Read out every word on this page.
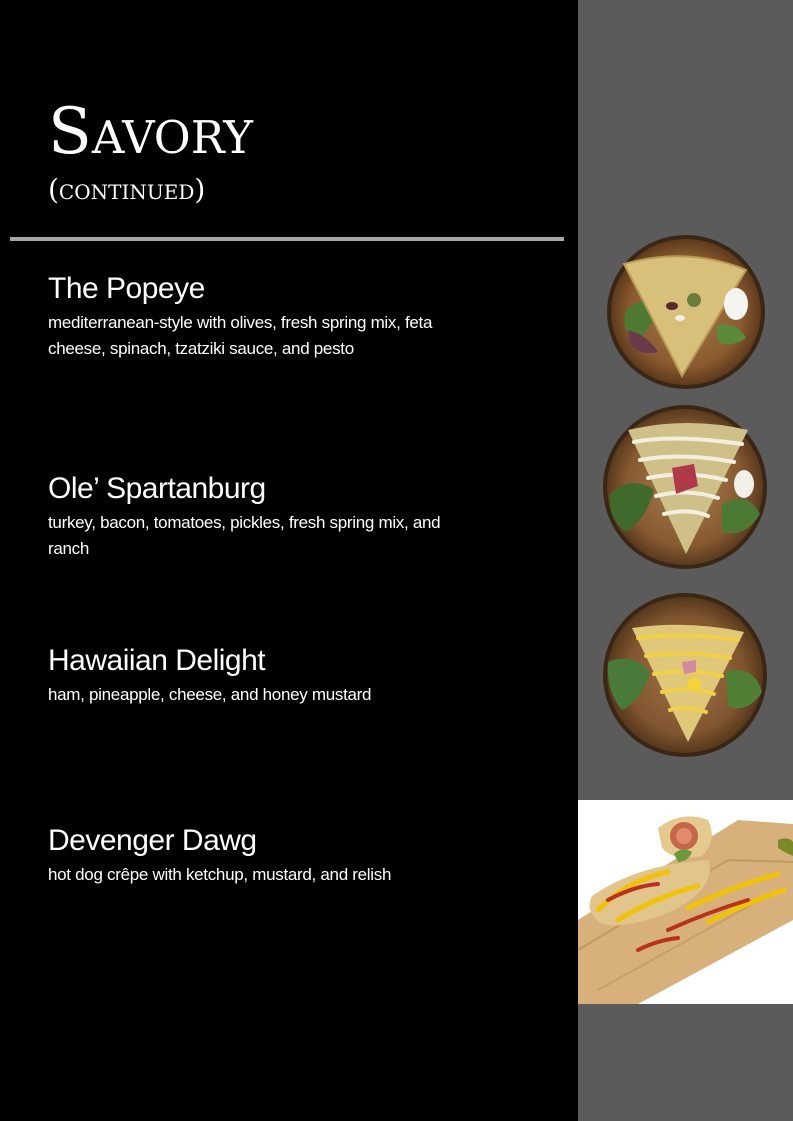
Savory
(continued)
The Popeye
mediterranean-style with olives, fresh spring mix, feta cheese, spinach, tzatziki sauce, and pesto
Ole’ Spartanburg
turkey, bacon, tomatoes, pickles, fresh spring mix, and ranch
Hawaiian Delight
ham, pineapple, cheese, and honey mustard
Devenger Dawg
hot dog crêpe with ketchup, mustard, and relish
